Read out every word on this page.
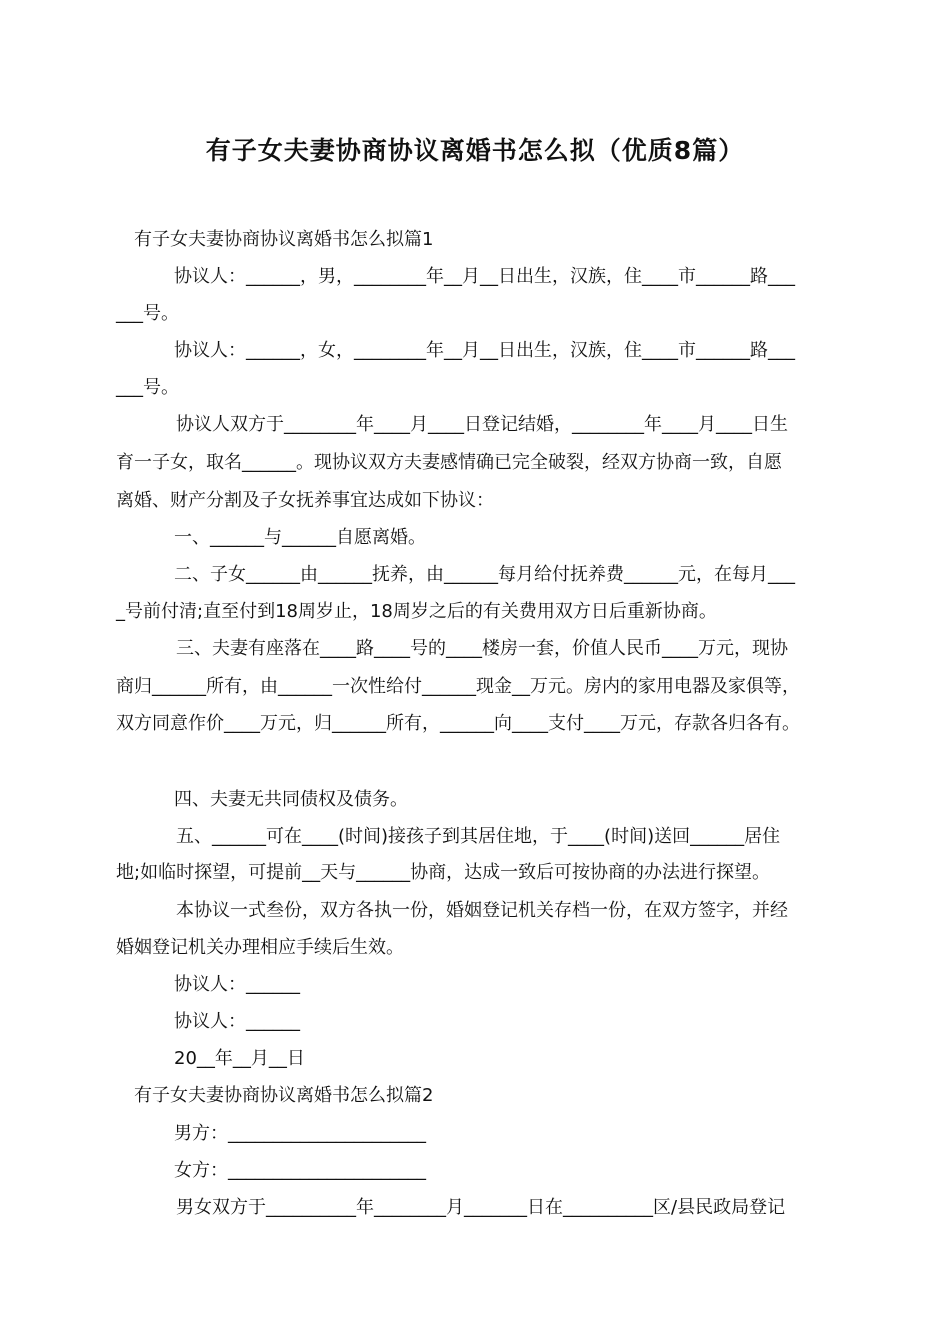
有子女夫妻协商协议离婚书怎么拟（优质8篇）
有子女夫妻协商协议离婚书怎么拟篇1
协议人：______，男，________年__月__日出生，汉族，住____市______路___
___号。
协议人：______，女，________年__月__日出生，汉族，住____市______路___
___号。
协议人双方于________年____月____日登记结婚，________年____月____日生
育一子女，取名______。现协议双方夫妻感情确已完全破裂，经双方协商一致，自愿
离婚、财产分割及子女抚养事宜达成如下协议：
一、______与______自愿离婚。
二、子女______由______抚养，由______每月给付抚养费______元，在每月___
_号前付清;直至付到18周岁止，18周岁之后的有关费用双方日后重新协商。
三、夫妻有座落在____路____号的____楼房一套，价值人民币____万元，现协
商归______所有，由______一次性给付______现金__万元。房内的家用电器及家俱等，
双方同意作价____万元，归______所有，______向____支付____万元，存款各归各有。
四、夫妻无共同债权及债务。
五、______可在____(时间)接孩子到其居住地，于____(时间)送回______居住
地;如临时探望，可提前__天与______协商，达成一致后可按协商的办法进行探望。
本协议一式叁份，双方各执一份，婚姻登记机关存档一份，在双方签字，并经
婚姻登记机关办理相应手续后生效。
协议人：______
协议人：______
20__年__月__日
有子女夫妻协商协议离婚书怎么拟篇2
男方：______________________
女方：______________________
男女双方于__________年________月_______日在__________区/县民政局登记
